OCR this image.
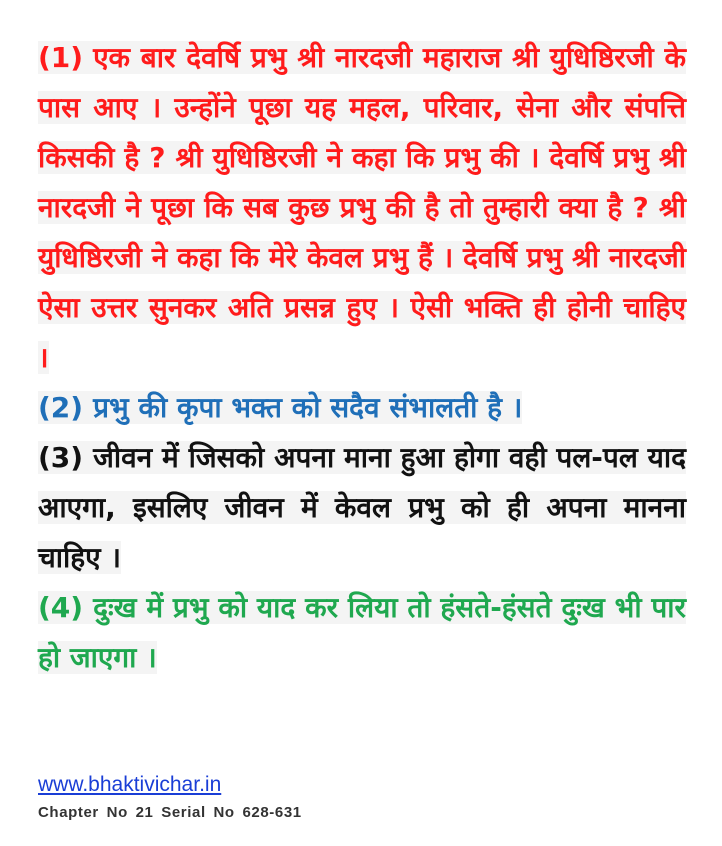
(1) एक बार देवर्षि प्रभु श्री नारदजी महाराज श्री युधिष्ठिरजी के पास आए । उन्होंने पूछा यह महल, परिवार, सेना और संपत्ति किसकी है ? श्री युधिष्ठिरजी ने कहा कि प्रभु की । देवर्षि प्रभु श्री नारदजी ने पूछा कि सब कुछ प्रभु की है तो तुम्हारी क्या है ? श्री युधिष्ठिरजी ने कहा कि मेरे केवल प्रभु हैं । देवर्षि प्रभु श्री नारदजी ऐसा उत्तर सुनकर अति प्रसन्न हुए । ऐसी भक्ति ही होनी चाहिए ।

(2) प्रभु की कृपा भक्त को सदैव संभालती है ।

(3) जीवन में जिसको अपना माना हुआ होगा वही पल-पल याद आएगा, इसलिए जीवन में केवल प्रभु को ही अपना मानना चाहिए ।

(4) दुःख में प्रभु को याद कर लिया तो हंसते-हंसते दुःख भी पार हो जाएगा ।

www.bhaktivichar.in
Chapter No 21 Serial No 628-631
